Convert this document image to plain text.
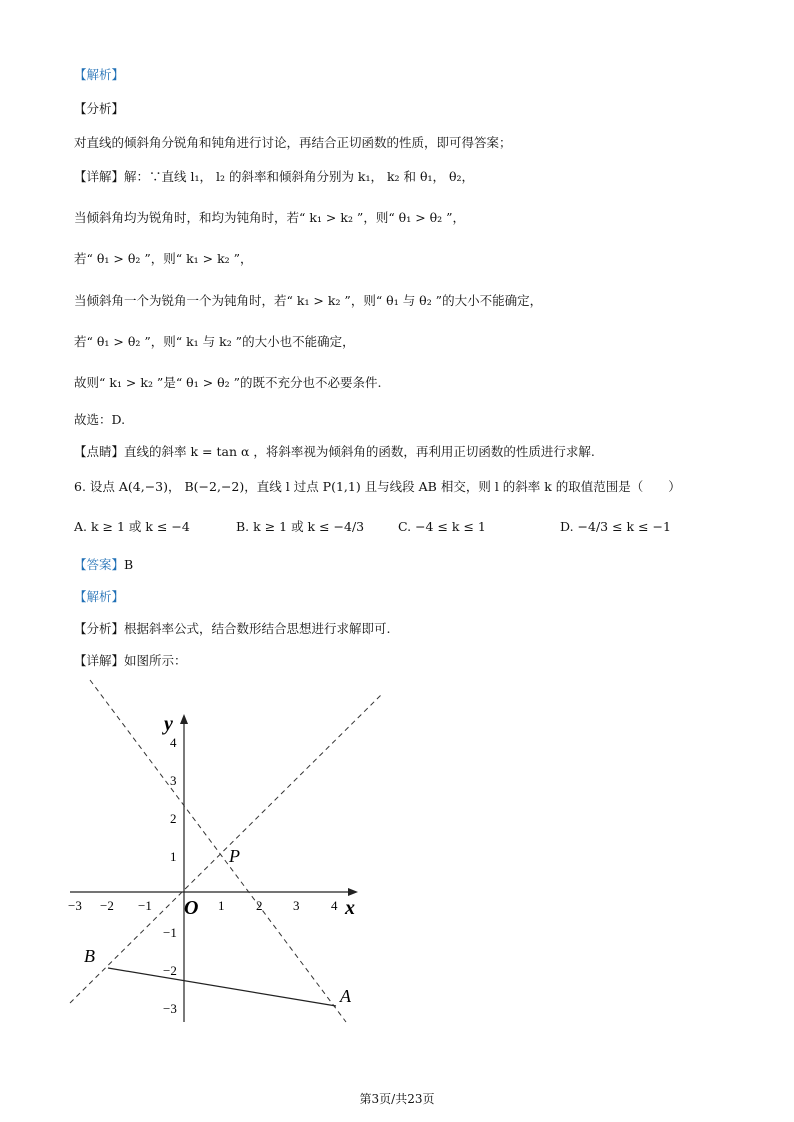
【解析】
【分析】
对直线的倾斜角分锐角和钝角进行讨论，再结合正切函数的性质，即可得答案；
【详解】解：∵直线 l₁， l₂ 的斜率和倾斜角分别为 k₁， k₂ 和 θ₁， θ₂，
当倾斜角均为锐角时，和均为钝角时，若“ k₁ > k₂ ”，则“ θ₁ > θ₂ ”，
若“ θ₁ > θ₂ ”，则“ k₁ > k₂ ”，
当倾斜角一个为锐角一个为钝角时，若“ k₁ > k₂ ”，则“ θ₁ 与 θ₂ ”的大小不能确定，
若“ θ₁ > θ₂ ”，则“ k₁ 与 k₂ ”的大小也不能确定，
故则“ k₁ > k₂ ”是“ θ₁ > θ₂ ”的既不充分也不必要条件.
故选：D.
【点睛】直线的斜率 k = tan α ，将斜率视为倾斜角的函数，再利用正切函数的性质进行求解.
6. 设点 A(4,−3)， B(−2,−2)，直线 l 过点 P(1,1) 且与线段 AB 相交，则 l 的斜率 k 的取值范围是（　　）
A. k ≥ 1 或 k ≤ −4	B. k ≥ 1 或 k ≤ −4/3	C. −4 ≤ k ≤ 1	D. −4/3 ≤ k ≤ −1
【答案】B
【解析】
【分析】根据斜率公式，结合数形结合思想进行求解即可.
【详解】如图所示：
−3 −2 −1	1 2 3 4
4
3
2
1
−1
−2
−3
x
y
O
P
B
A
第3页/共23页
